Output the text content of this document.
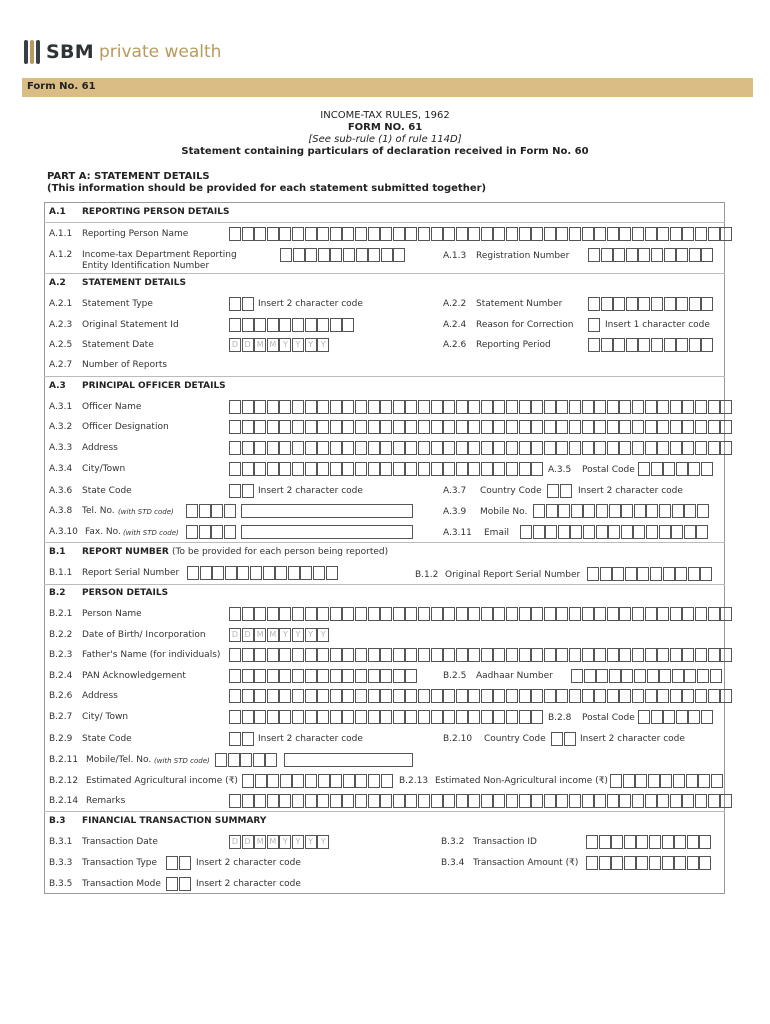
SBM private wealth
Form No. 61
INCOME-TAX RULES, 1962
FORM NO. 61
[See sub-rule (1) of rule 114D]
Statement containing particulars of declaration received in Form No. 60
PART A: STATEMENT DETAILS
(This information should be provided for each statement submitted together)
A.1 REPORTING PERSON DETAILS
A.1.1 Reporting Person Name
A.1.2 Income-tax Department Reporting
Entity Identification Number
A.1.3 Registration Number
A.2 STATEMENT DETAILS
A.2.1 Statement Type	Insert 2 character code	A.2.2 Statement Number
A.2.3 Original Statement Id	A.2.4 Reason for Correction	Insert 1 character code
A.2.5 Statement Date	D D M M Y Y Y Y	A.2.6 Reporting Period
A.2.7 Number of Reports
A.3 PRINCIPAL OFFICER DETAILS
A.3.1 Officer Name
A.3.2 Officer Designation
A.3.3 Address
A.3.4 City/Town	A.3.5 Postal Code
A.3.6 State Code	Insert 2 character code	A.3.7 Country Code	Insert 2 character code
A.3.8 Tel. No. (with STD code)	A.3.9 Mobile No.
A.3.10 Fax. No. (with STD code)	A.3.11 Email
B.1 REPORT NUMBER (To be provided for each person being reported)
B.1.1 Report Serial Number	B.1.2 Original Report Serial Number
B.2 PERSON DETAILS
B.2.1 Person Name
B.2.2 Date of Birth/ Incorporation	D D M M Y Y Y Y
B.2.3 Father's Name (for individuals)
B.2.4 PAN Acknowledgement	B.2.5 Aadhaar Number
B.2.6 Address
B.2.7 City/ Town	B.2.8 Postal Code
B.2.9 State Code	Insert 2 character code	B.2.10 Country Code	Insert 2 character code
B.2.11 Mobile/Tel. No. (with STD code)
B.2.12 Estimated Agricultural income (₹)	B.2.13 Estimated Non-Agricultural income (₹)
B.2.14 Remarks
B.3 FINANCIAL TRANSACTION SUMMARY
B.3.1 Transaction Date	D D M M Y Y Y Y	B.3.2 Transaction ID
B.3.3 Transaction Type	Insert 2 character code	B.3.4 Transaction Amount (₹)
B.3.5 Transaction Mode	Insert 2 character code
